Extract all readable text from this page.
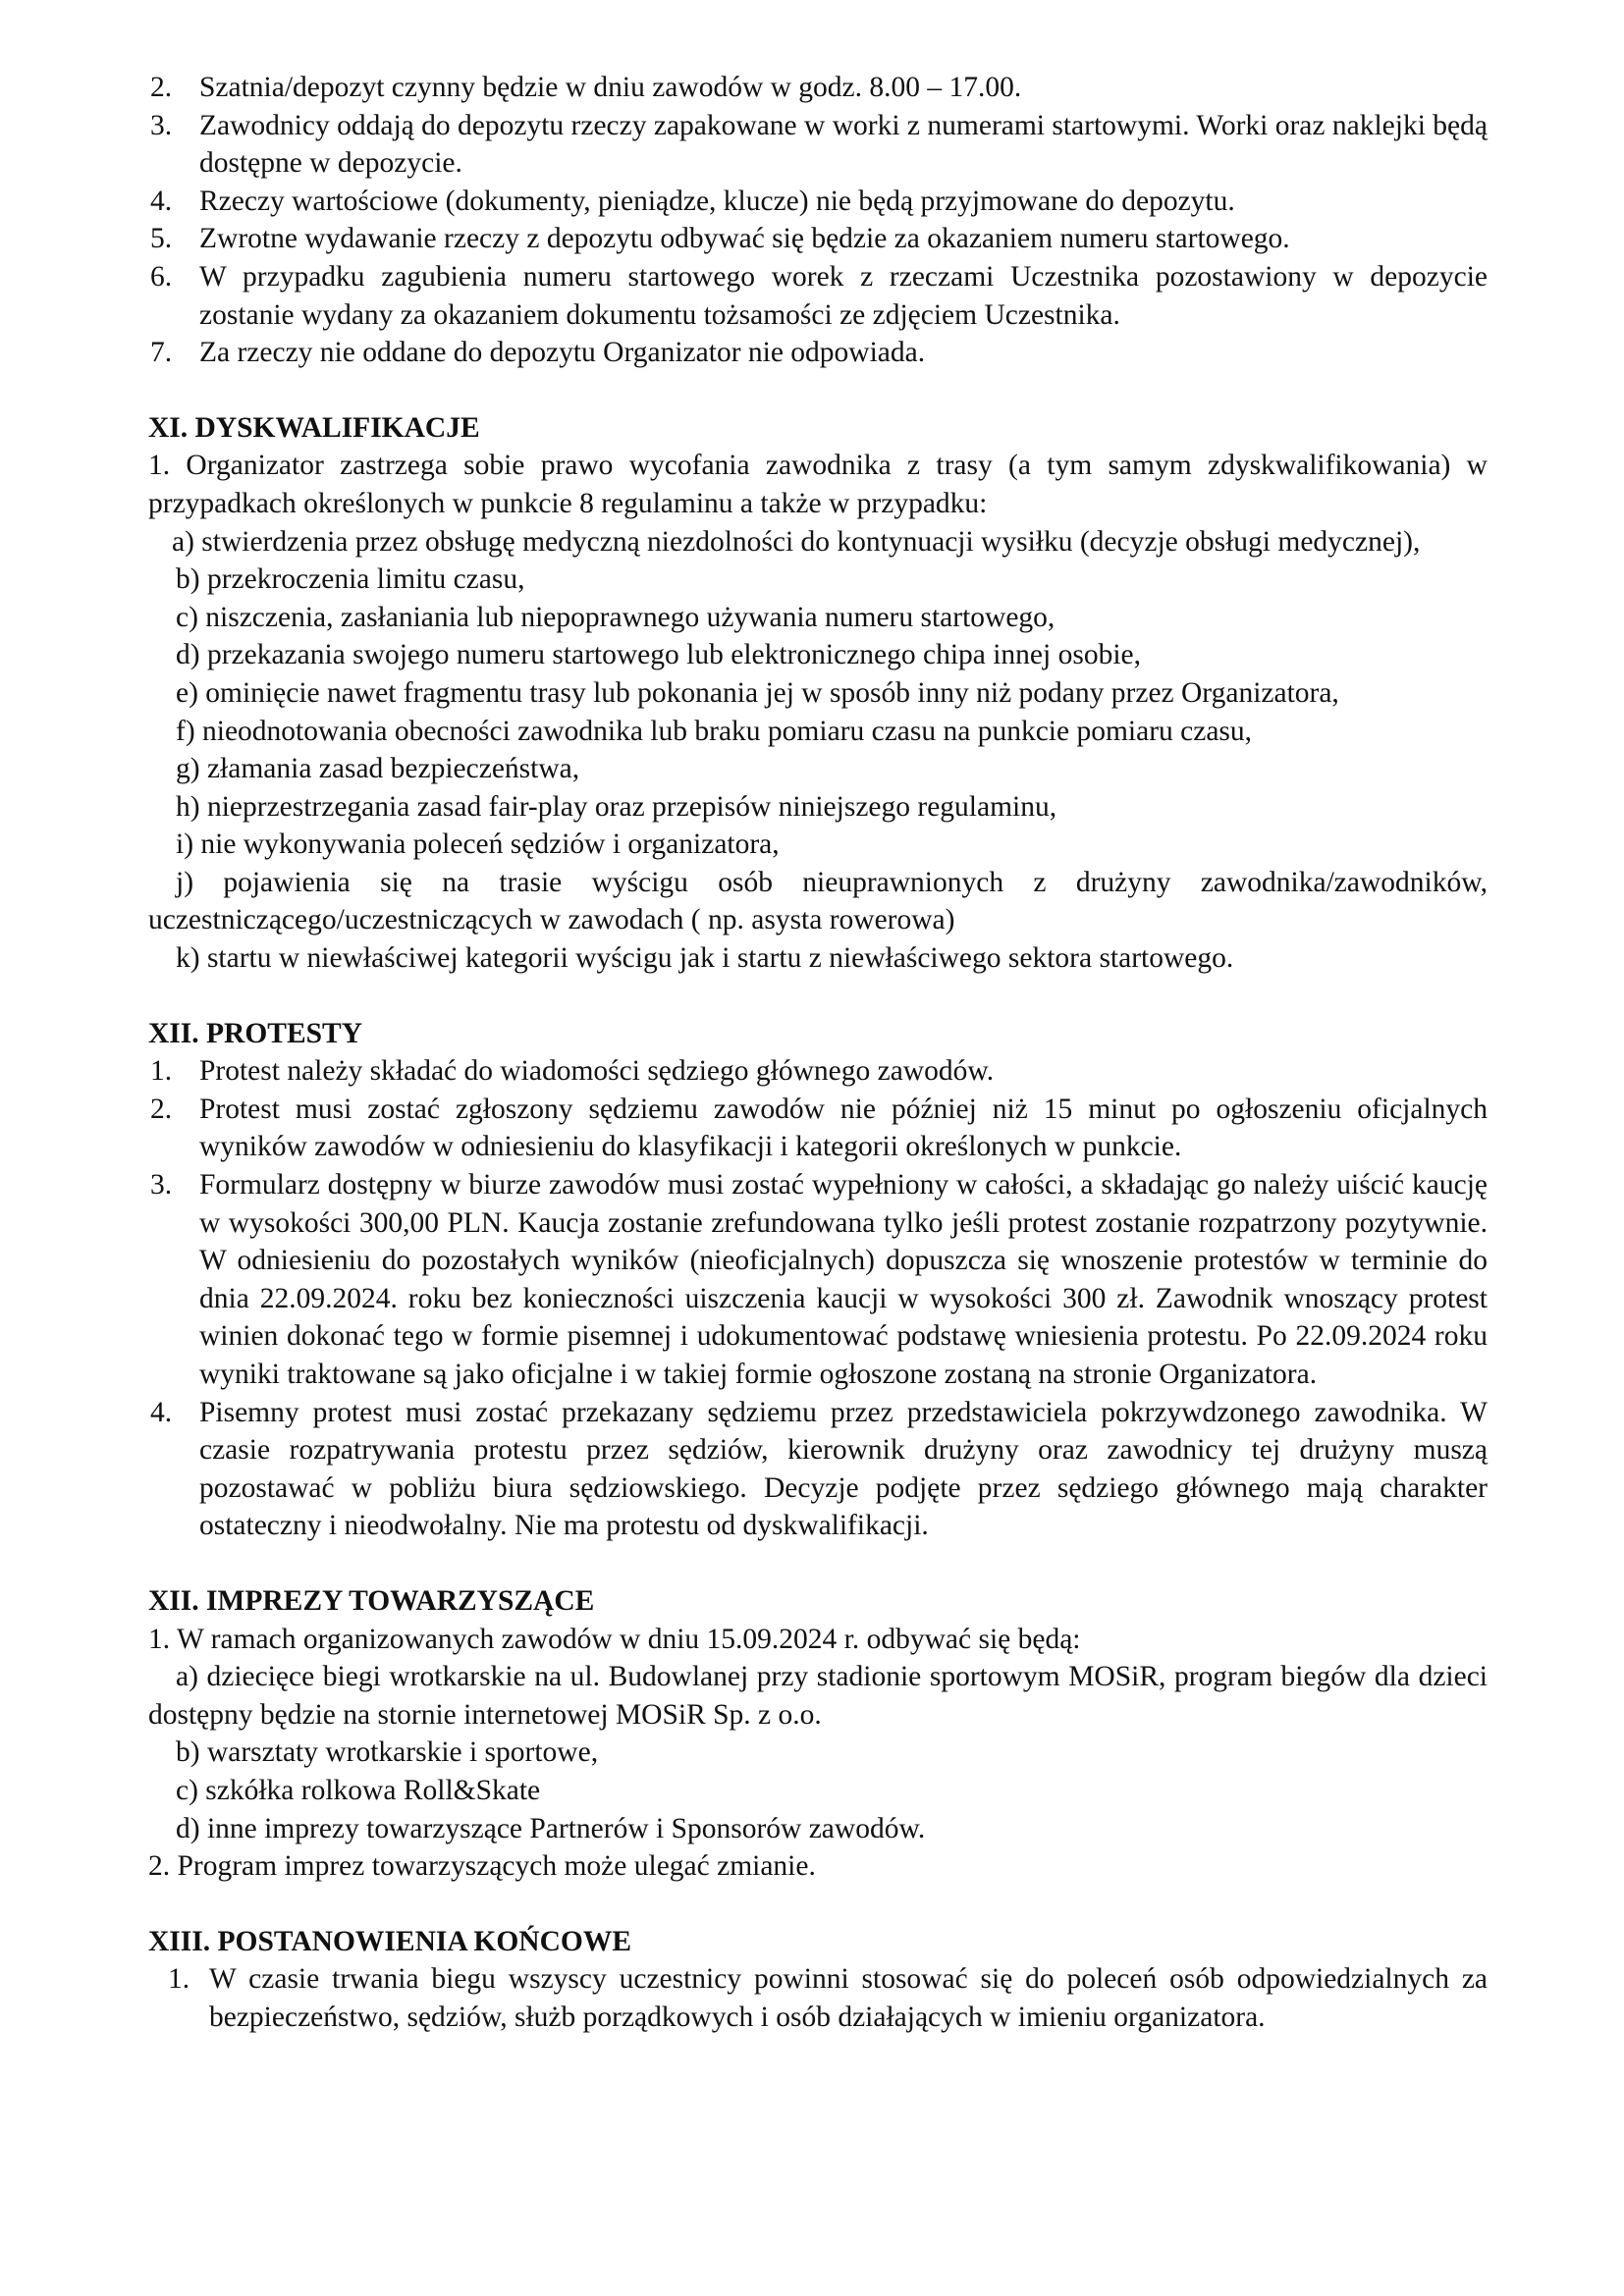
2. Szatnia/depozyt czynny będzie w dniu zawodów w godz. 8.00 – 17.00.
3. Zawodnicy oddają do depozytu rzeczy zapakowane w worki z numerami startowymi. Worki oraz naklejki będą dostępne w depozycie.
4. Rzeczy wartościowe (dokumenty, pieniądze, klucze) nie będą przyjmowane do depozytu.
5. Zwrotne wydawanie rzeczy z depozytu odbywać się będzie za okazaniem numeru startowego.
6. W przypadku zagubienia numeru startowego worek z rzeczami Uczestnika pozostawiony w depozycie zostanie wydany za okazaniem dokumentu tożsamości ze zdjęciem Uczestnika.
7. Za rzeczy nie oddane do depozytu Organizator nie odpowiada.
XI. DYSKWALIFIKACJE

1. Organizator zastrzega sobie prawo wycofania zawodnika z trasy (a tym samym zdyskwalifikowania) w przypadkach określonych w punkcie 8 regulaminu a także w przypadku:

a) stwierdzenia przez obsługę medyczną niezdolności do kontynuacji wysiłku (decyzje obsługi medycznej),

b) przekroczenia limitu czasu,

c) niszczenia, zasłaniania lub niepoprawnego używania numeru startowego,

d) przekazania swojego numeru startowego lub elektronicznego chipa innej osobie,

e) ominięcie nawet fragmentu trasy lub pokonania jej w sposób inny niż podany przez Organizatora,

f) nieodnotowania obecności zawodnika lub braku pomiaru czasu na punkcie pomiaru czasu,

g) złamania zasad bezpieczeństwa,

h) nieprzestrzegania zasad fair-play oraz przepisów niniejszego regulaminu,

i) nie wykonywania poleceń sędziów i organizatora,

j) pojawienia się na trasie wyścigu osób nieuprawnionych z drużyny zawodnika/zawodników, uczestniczącego/uczestniczących w zawodach ( np. asysta rowerowa)

k) startu w niewłaściwej kategorii wyścigu jak i startu z niewłaściwego sektora startowego.

XII. PROTESTY
1. Protest należy składać do wiadomości sędziego głównego zawodów.
2. Protest musi zostać zgłoszony sędziemu zawodów nie później niż 15 minut po ogłoszeniu oficjalnych wyników zawodów w odniesieniu do klasyfikacji i kategorii określonych w punkcie.
3. Formularz dostępny w biurze zawodów musi zostać wypełniony w całości, a składając go należy uiścić kaucję w wysokości 300,00 PLN. Kaucja zostanie zrefundowana tylko jeśli protest zostanie rozpatrzony pozytywnie. W odniesieniu do pozostałych wyników (nieoficjalnych) dopuszcza się wnoszenie protestów w terminie do dnia 22.09.2024. roku bez konieczności uiszczenia kaucji w wysokości 300 zł. Zawodnik wnoszący protest winien dokonać tego w formie pisemnej i udokumentować podstawę wniesienia protestu. Po 22.09.2024 roku wyniki traktowane są jako oficjalne i w takiej formie ogłoszone zostaną na stronie Organizatora.
4. Pisemny protest musi zostać przekazany sędziemu przez przedstawiciela pokrzywdzonego zawodnika. W czasie rozpatrywania protestu przez sędziów, kierownik drużyny oraz zawodnicy tej drużyny muszą pozostawać w pobliżu biura sędziowskiego. Decyzje podjęte przez sędziego głównego mają charakter ostateczny i nieodwołalny. Nie ma protestu od dyskwalifikacji.
XII. IMPREZY TOWARZYSZĄCE

1. W ramach organizowanych zawodów w dniu 15.09.2024 r. odbywać się będą:

a) dziecięce biegi wrotkarskie na ul. Budowlanej przy stadionie sportowym MOSiR, program biegów dla dzieci dostępny będzie na stornie internetowej MOSiR Sp. z o.o.

b) warsztaty wrotkarskie i sportowe,

c) szkółka rolkowa Roll&Skate

d) inne imprezy towarzyszące Partnerów i Sponsorów zawodów.

2. Program imprez towarzyszących może ulegać zmianie.

XIII. POSTANOWIENIA KOŃCOWE
1. W czasie trwania biegu wszyscy uczestnicy powinni stosować się do poleceń osób odpowiedzialnych za bezpieczeństwo, sędziów, służb porządkowych i osób działających w imieniu organizatora.
